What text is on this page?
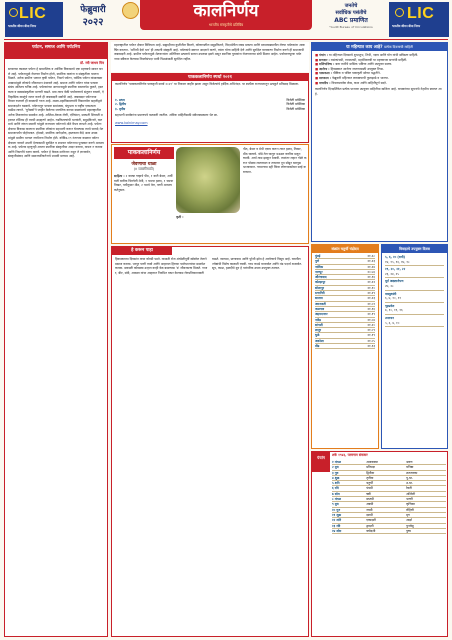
LIC
भारतीय जीवन बीमा निगम
फेब्रुवारी
२०२२
कालनिर्णय
भारतीय संस्कृतीचे प्रतिबिंब
जनतेचे
सर्वाधिक पसंतीचे
ABC प्रमाणित
*Audit Bureau of Circulations
LIC
भारतीय जीवन बीमा निगम
पर्यटन, समाज आणि पर्यटनिय
डॉ. रवी जाधव मित्र
सध्याच्या काळात पर्यटन हे सामाजिक व आर्थिक विकासाचे एक महत्त्वाचे साधन बनले आहे. पर्यटनामुळे रोजगार निर्माण होतो, स्थानिक कलांना व संस्कृतीला चालना मिळते. अनेक ग्रामीण भागात कृषी पर्यटन, निसर्ग पर्यटन, धार्मिक पर्यटन यांसारख्या उपक्रमांमुळे लोकांचे जीवनमान उंचावले आहे. समाज आणि पर्यटन यांचा परस्पर संबंध अतिशय घनिष्ठ आहे. पर्यटकांच्या आगमनामुळे स्थानिक बाजारपेठ फुलते, हस्तकला व खाद्यसंस्कृतीला मागणी वाढते. मात्र त्याच वेळी पर्यावरणाचे संतुलन राखणे, ऐतिहासिक वास्तूंचे जतन करणे ही जबाबदारी सर्वांची आहे. जबाबदार पर्यटनाचा विचार रुजवणे ही काळाची गरज आहे. शाळा-महाविद्यालयांनी विद्यार्थ्यांना सहलीद्वारे समाजदर्शन घडवावे. पर्यटनातून परस्पर सामंजस्य, बंधुभाव व राष्ट्रीय एकात्मता वाढीस लागते. 'युनेस्को'ने जाहीर केलेल्या जागतिक वारसा स्थळांमध्ये महाराष्ट्रातील अनेक ठिकाणांचा समावेश आहे. अजिंठा-वेरूळ लेणी, एलिफंटा, छत्रपती शिवाजी महाराज टर्मिनस ही त्याची उदाहरणे आहेत. गडकिल्ल्यांची भटकंती, समुद्रकिनारे, घाटमाथे आणि जंगल सफारी यांमुळे राज्याला पर्यटनाचे मोठे वैभव लाभले आहे. पर्यटन क्षेत्राचा विकास करताना स्थानिक लोकांना सहभागी करून घेतल्यास त्याचे फायदे थेट समाजापर्यंत पोहोचतात. होमस्टे, स्थानिक मार्गदर्शक, हस्तकला केंद्रे अशा उपक्रमांमुळे ग्रामीण भागात नवचैतन्य निर्माण होते. कोविड-१९ नंतरच्या काळात पर्यटन क्षेत्राला नव्याने उभारी देण्यासाठी सुरक्षित व शाश्वत पर्यटनाचा पुरस्कार करणे आवश्यक आहे. पर्यटक म्हणूनही आपण स्थानिक संस्कृतीचा आदर करावा, कचरा न करावा आणि निसर्गाचे रक्षण करावे. पर्यटन हे केवळ मनोरंजन नसून ते ज्ञानवर्धन, संस्कृतीसंवाद आणि समाजपरिवर्तनाचे प्रभावी माध्यम आहे.
महाराष्ट्रातील पर्यटन क्षेत्रात विविधता आहे. सह्याद्रीच्या कुशीतील किल्ले, कोकणातील समुद्रकिनारे, विदर्भातील व्याघ्र प्रकल्प आणि मराठवाड्यातील लेण्या पर्यटकांना आकर्षित करतात. 'अतिथी देवो भव' ही आपली संस्कृती आहे. पर्यटकांचे स्वागत आदराने करणे, त्यांना योग्य माहिती देणे आणि सुरक्षित वातावरण निर्माण करणे ही समाजाची जबाबदारी आहे. ग्रामीण पर्यटनामुळे शेतकऱ्यांना अतिरिक्त उत्पन्नाचे साधन उपलब्ध झाले असून स्थानिक युवकांना रोजगाराच्या संधी मिळत आहेत. पर्यावरणपूरक पर्यटनाचा स्वीकार केल्यास निसर्गसंपदा भावी पिढ्यांसाठी सुरक्षित राहील.
पाककलानिर्णय स्पर्धा २०२१
कालनिर्णय 'पाककलानिर्णय पाककृती स्पर्धा २०२१' चा निकाल जाहीर झाला असून विजेत्यांचे हार्दिक अभिनंदन. या स्पर्धेला राज्यभरातून उत्स्फूर्त प्रतिसाद मिळाला.
१. प्रथम	विजेती प्रवेशिका
२. द्वितीय	विजेती प्रवेशिका
३. तृतीय	विजेती प्रवेशिका
सहभागी स्पर्धकांना प्रमाणपत्रे पाठवली जातील. अधिक माहितीसाठी संकेतस्थळाला भेट द्या.
www.kalnirnay.com
पाककलानिर्णय
जेवणाचा थाळा
(४ व्यक्तींसाठी)
साहित्य : २ वाट्या गव्हाचे पीठ, १ वाटी बेसन, अर्धी वाटी बारीक चिरलेली मेथी, १ चमचा हळद, १ चमचा तिखट, चवीनुसार मीठ, २ चमचे तेल, पाणी आवश्यकतेनुसार.
कृती :
पीठ, बेसन व मेथी एकत्र करून त्यात हळद, तिखट, मीठ घालावे. थोडे तेल घालून मऊसर कणीक मळून घ्यावी. अर्धा तास झाकून ठेवावी. त्यानंतर लहान गोळे करून पोळ्या लाटाव्यात व तव्यावर तूप सोडून खरपूस भाजाव्यात. गरमागरम दही किंवा लोणच्यासोबत सर्व्ह कराव्यात.
हे करून पाहा
हिवाळ्याच्या दिवसांत त्वचा कोरडी पडते. यासाठी रोज अंघोळीपूर्वी खोबरेल तेलाने मसाज करावा. भरपूर पाणी प्यावे आणि आहारात हिरव्या पालेभाज्यांचा समावेश करावा. सकाळी कोवळ्या उन्हात काही वेळ बसल्यास 'ड' जीवनसत्त्व मिळते. गाजर, बीट, संत्री, आवळा यांचा आहारात नियमित वापर केल्यास रोगप्रतिकारशक्ती वाढते. व्यायाम, प्राणायाम आणि पुरेशी झोप हे आरोग्याचे त्रिसूत्र आहे. घरातील ज्येष्ठांची विशेष काळजी घ्यावी. गरम कपडे वापरावेत आणि थंड पदार्थ टाळावेत. सूप, काढा, हळदीचे दूध हे पारंपरिक उपाय उपयुक्त ठरतात.
या महिन्यात काय आहे? प्रत्येक दिवसाची माहिती
■ पंचांग : या महिन्यात दिवसाचे शुभाशुभ, तिथी, नक्षत्र आणि योग यांची सविस्तर माहिती.
■ सणवार : वसंतपंचमी, रथसप्तमी, महाशिवरात्री या महत्त्वाच्या सणांची माहिती.
■ राशिभविष्य : बारा राशींचे मासिक भविष्य आणि उपयुक्त सल्ला.
■ आरोग्य : हिवाळ्यात आरोग्य जपण्यासाठी उपयुक्त टिप्स.
■ पाककला : पौष्टिक व चविष्ट पाककृती सोप्या पद्धतीने.
■ बागकाम : फेब्रुवारी महिन्यात लावावयाची फुलझाडे व भाज्या.
■ वाचनीय : विचारप्रवर्तक लेख, कथा आणि माहितीपूर्ण सदरे.
कालनिर्णय दिनदर्शिकेत प्रत्येक पानावर उपयुक्त माहितीचा खजिना आहे. वाचकांच्या सूचनांचे नेहमीच स्वागत आहे.
संक्रांत चतुर्थी चंद्रोदय
मुंबई	२१.२८
पुणे	२१.२३
नाशिक	२१.२४
नागपूर	२०.५६
औरंगाबाद	२१.१६
कोल्हापूर	२१.२२
सोलापूर	२१.१०
रत्नागिरी	२१.२९
सातारा	२१.२३
अमरावती	२१.०१
जळगाव	२१.१६
अहमदनगर	२१.१९
नांदेड	२१.०४
सांगली	२१.२०
लातूर	२१.०९
धुळे	२१.१९
अकोला	२१.०५
बीड	२१.१३
विवाहाचे उपयुक्त दिवस
५, ६, १० (रात्री)
१४, १५, १६, १७, १८
१९, २०, २१, २२
२३, २४, २५
मूर्त अक्षतारोपण
२७, २८
वास्तुशांती
६, ७, १०, ११
गृहप्रवेश
७, १०, ११, १६
उपनयन
५, ६, ७, १०
पंचांग	शके १९४३, प्लवनाम संवत्सर
१ मंगळ	अमावास्या	श्रवण
२ बुध	प्रतिपदा	धनिष्ठा
३ गुरु	द्वितीया	शततारका
४ शुक्र	तृतीया	पू.भा.
५ शनि	चतुर्थी	उ.भा.
६ रवि	पंचमी	रेवती
७ सोम	षष्ठी	अश्विनी
८ मंगळ	सप्तमी	भरणी
९ बुध	अष्टमी	कृत्तिका
१० गुरु	नवमी	रोहिणी
११ शुक्र	दशमी	मृग
१२ शनि	एकादशी	आर्द्रा
१३ रवि	द्वादशी	पुनर्वसू
१४ सोम	त्रयोदशी	पुष्य
